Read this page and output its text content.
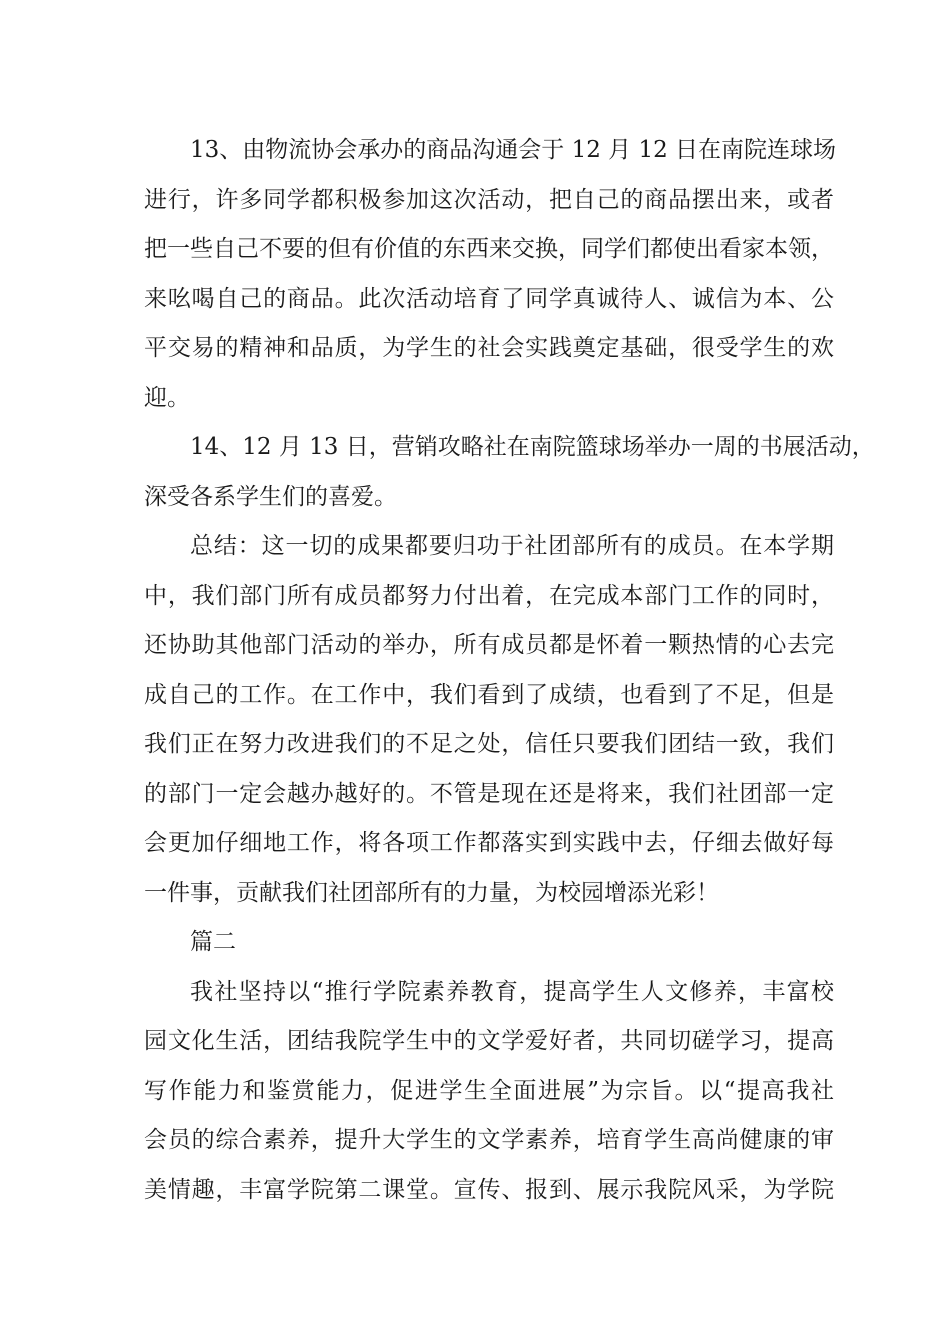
13、由物流协会承办的商品沟通会于 12 月 12 日在南院连球场
进行，许多同学都积极参加这次活动，把自己的商品摆出来，或者
把一些自己不要的但有价值的东西来交换，同学们都使出看家本领，
来吆喝自己的商品。此次活动培育了同学真诚待人、诚信为本、公
平交易的精神和品质，为学生的社会实践奠定基础，很受学生的欢
迎。

14、12 月 13 日，营销攻略社在南院篮球场举办一周的书展活动，
深受各系学生们的喜爱。

总结：这一切的成果都要归功于社团部所有的成员。在本学期
中，我们部门所有成员都努力付出着，在完成本部门工作的同时，
还协助其他部门活动的举办，所有成员都是怀着一颗热情的心去完
成自己的工作。在工作中，我们看到了成绩，也看到了不足，但是
我们正在努力改进我们的不足之处，信任只要我们团结一致，我们
的部门一定会越办越好的。不管是现在还是将来，我们社团部一定
会更加仔细地工作，将各项工作都落实到实践中去，仔细去做好每
一件事，贡献我们社团部所有的力量，为校园增添光彩！

篇二

我社坚持以“推行学院素养教育，提高学生人文修养，丰富校
园文化生活，团结我院学生中的文学爱好者，共同切磋学习，提高
写作能力和鉴赏能力，促进学生全面进展”为宗旨。以“提高我社
会员的综合素养，提升大学生的文学素养，培育学生高尚健康的审
美情趣，丰富学院第二课堂。宣传、报到、展示我院风采，为学院
